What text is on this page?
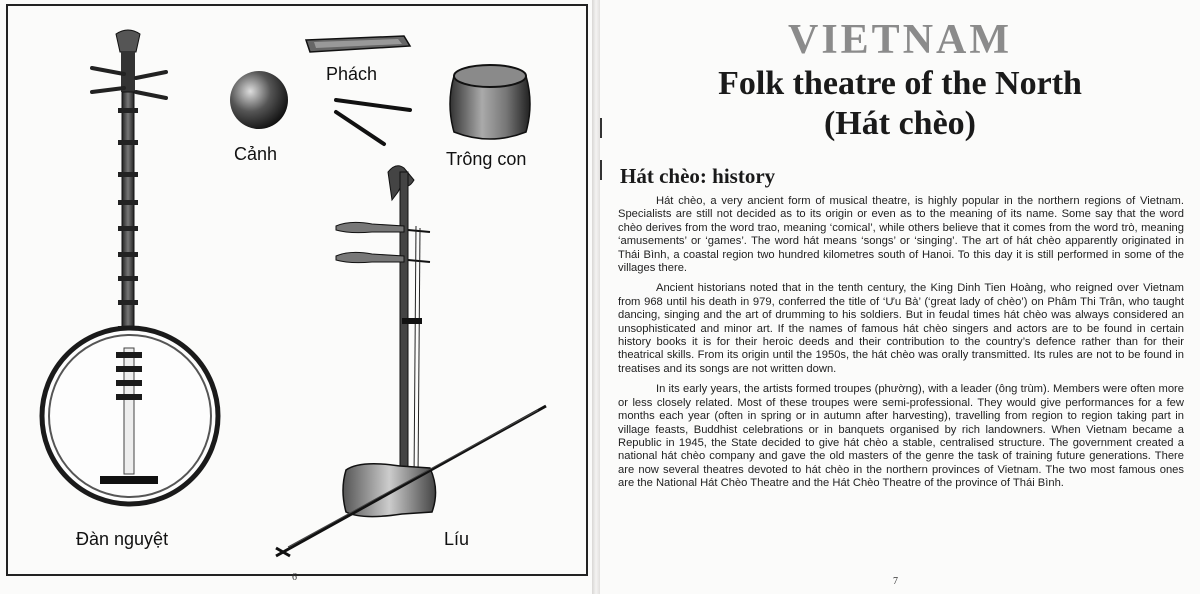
Phách
Cảnh	Trông con
Đàn nguyệt	Líu
6
VIETNAM
Folk theatre of the North
(Hát chèo)
Hát chèo: history

Hát chèo, a very ancient form of musical theatre, is highly popular in the northern regions of Vietnam. Specialists are still not decided as to its origin or even as to the meaning of its name. Some say that the word chèo derives from the word trao, meaning ‘comical’, while others believe that it comes from the word trò, meaning ‘amusements’ or ‘games’. The word hát means ‘songs’ or ‘singing’. The art of hát chèo apparently originated in Thái Bình, a coastal region two hundred kilometres south of Hanoi. To this day it is still performed in some of the villages there.

Ancient historians noted that in the tenth century, the King Dinh Tien Hoàng, who reigned over Vietnam from 968 until his death in 979, conferred the title of ‘Ưu Bà’ (‘great lady of chèo’) on Phâm Thi Trân, who taught dancing, singing and the art of drumming to his soldiers. But in feudal times hát chèo was always considered an unsophisticated and minor art. If the names of famous hát chèo singers and actors are to be found in certain history books it is for their heroic deeds and their contribution to the country’s defence rather than for their theatrical skills. From its origin until the 1950s, the hát chèo was orally transmitted. Its rules are not to be found in treatises and its songs are not written down.

In its early years, the artists formed troupes (phường), with a leader (ông trùm). Members were often more or less closely related. Most of these troupes were semi-professional. They would give performances for a few months each year (often in spring or in autumn after harvesting), travelling from region to region taking part in village feasts, Buddhist celebrations or in banquets organised by rich landowners. When Vietnam became a Republic in 1945, the State decided to give hát chèo a stable, centralised structure. The government created a national hát chèo company and gave the old masters of the genre the task of training future generations. There are now several theatres devoted to hát chèo in the northern provinces of Vietnam. The two most famous ones are the National Hát Chèo Theatre and the Hát Chèo Theatre of the province of Thái Bình.

7
